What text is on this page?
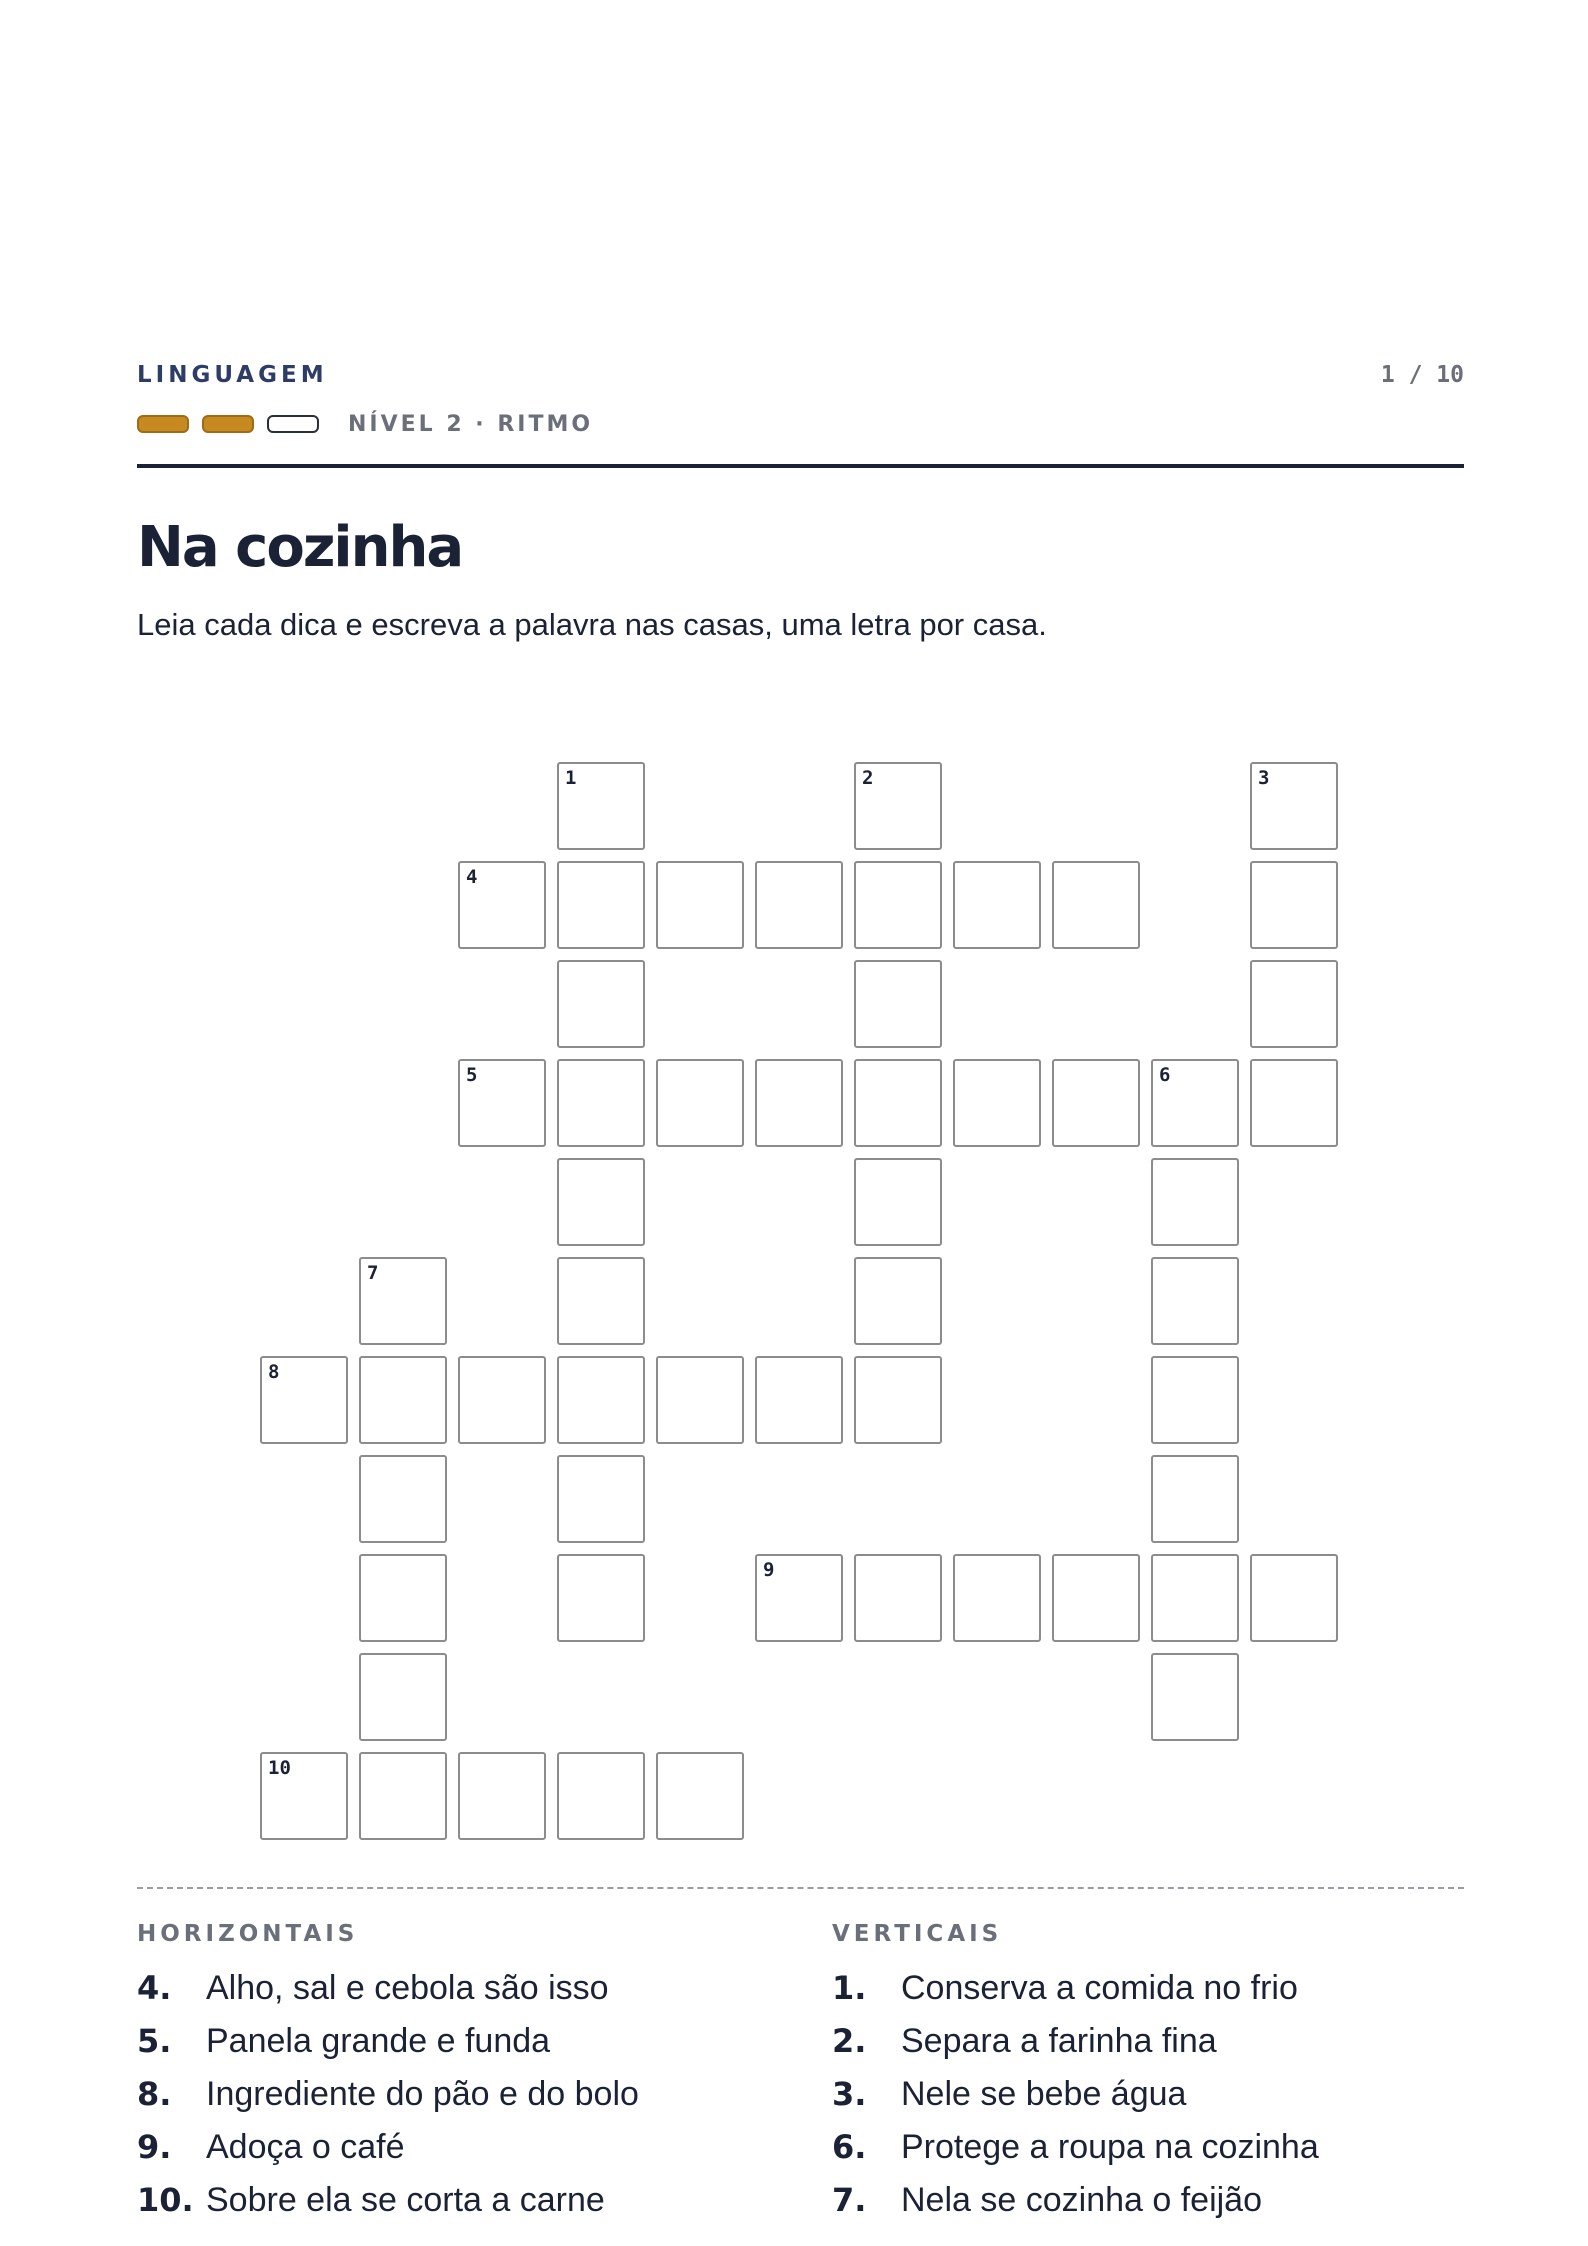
LINGUAGEM	1 / 10
NÍVEL 2 · RITMO
Na cozinha
Leia cada dica e escreva a palavra nas casas, uma letra por casa.
1	2	3
4
5	6
7
8
9
10
HORIZONTAIS
4.	Alho, sal e cebola são isso
5.	Panela grande e funda
8.	Ingrediente do pão e do bolo
9.	Adoça o café
10. Sobre ela se corta a carne
VERTICAIS
1.	Conserva a comida no frio
2.	Separa a farinha fina
3.	Nele se bebe água
6.	Protege a roupa na cozinha
7.	Nela se cozinha o feijão
